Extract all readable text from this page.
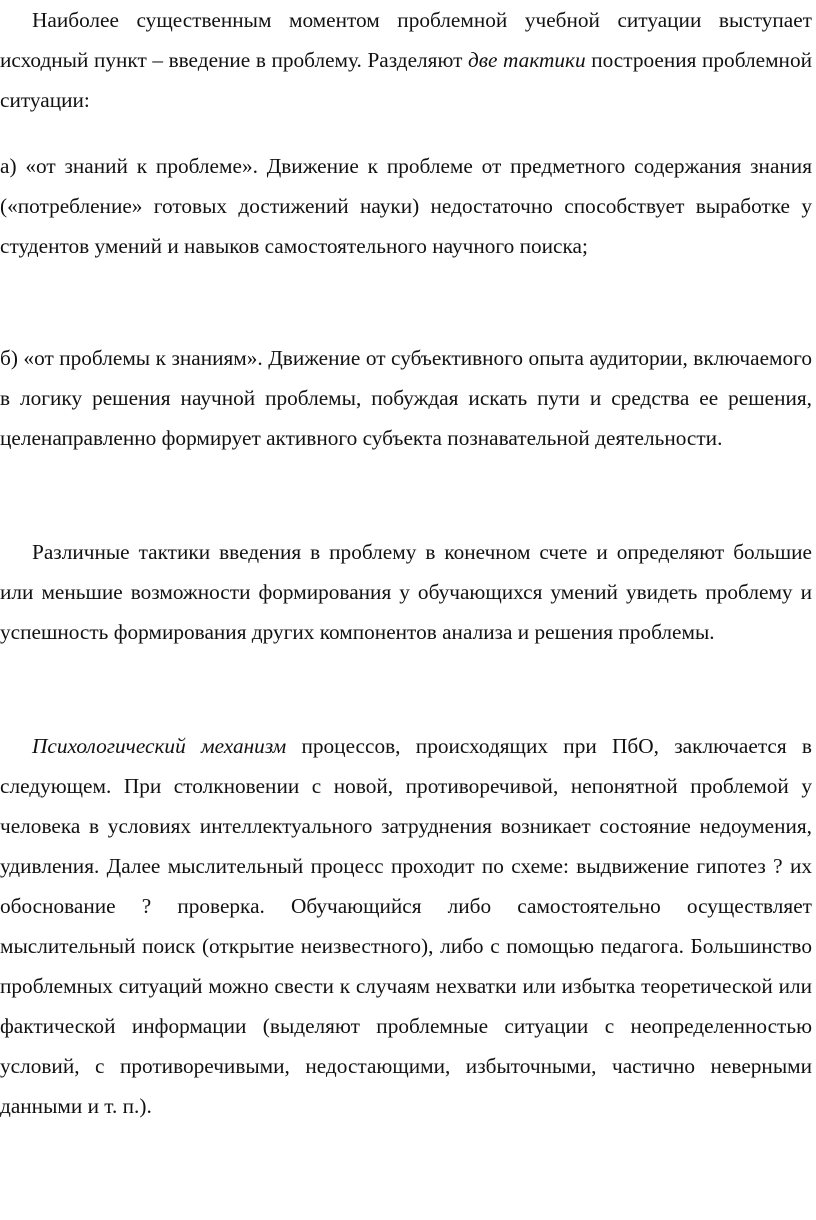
Наиболее существенным моментом проблемной учебной ситуации выступает исходный пункт – введение в проблему. Разделяют две тактики построения проблемной ситуации:

а) «от знаний к проблеме». Движение к проблеме от предметного содержания знания («потребление» готовых достижений науки) недостаточно способствует выработке у студентов умений и навыков самостоятельного научного поиска;

б) «от проблемы к знаниям». Движение от субъективного опыта аудитории, включаемого в логику решения научной проблемы, побуждая искать пути и средства ее решения, целенаправленно формирует активного субъекта познавательной деятельности.

Различные тактики введения в проблему в конечном счете и определяют большие или меньшие возможности формирования у обучающихся умений увидеть проблему и успешность формирования других компонентов анализа и решения проблемы.

Психологический механизм процессов, происходящих при ПбО, заключается в следующем. При столкновении с новой, противоречивой, непонятной проблемой у человека в условиях интеллектуального затруднения возникает состояние недоумения, удивления. Далее мыслительный процесс проходит по схеме: выдвижение гипотез ? их обоснование ? проверка. Обучающийся либо самостоятельно осуществляет мыслительный поиск (открытие неизвестного), либо с помощью педагога. Большинство проблемных ситуаций можно свести к случаям нехватки или избытка теоретической или фактической информации (выделяют проблемные ситуации с неопределенностью условий, с противоречивыми, недостающими, избыточными, частично неверными данными и т. п.).
